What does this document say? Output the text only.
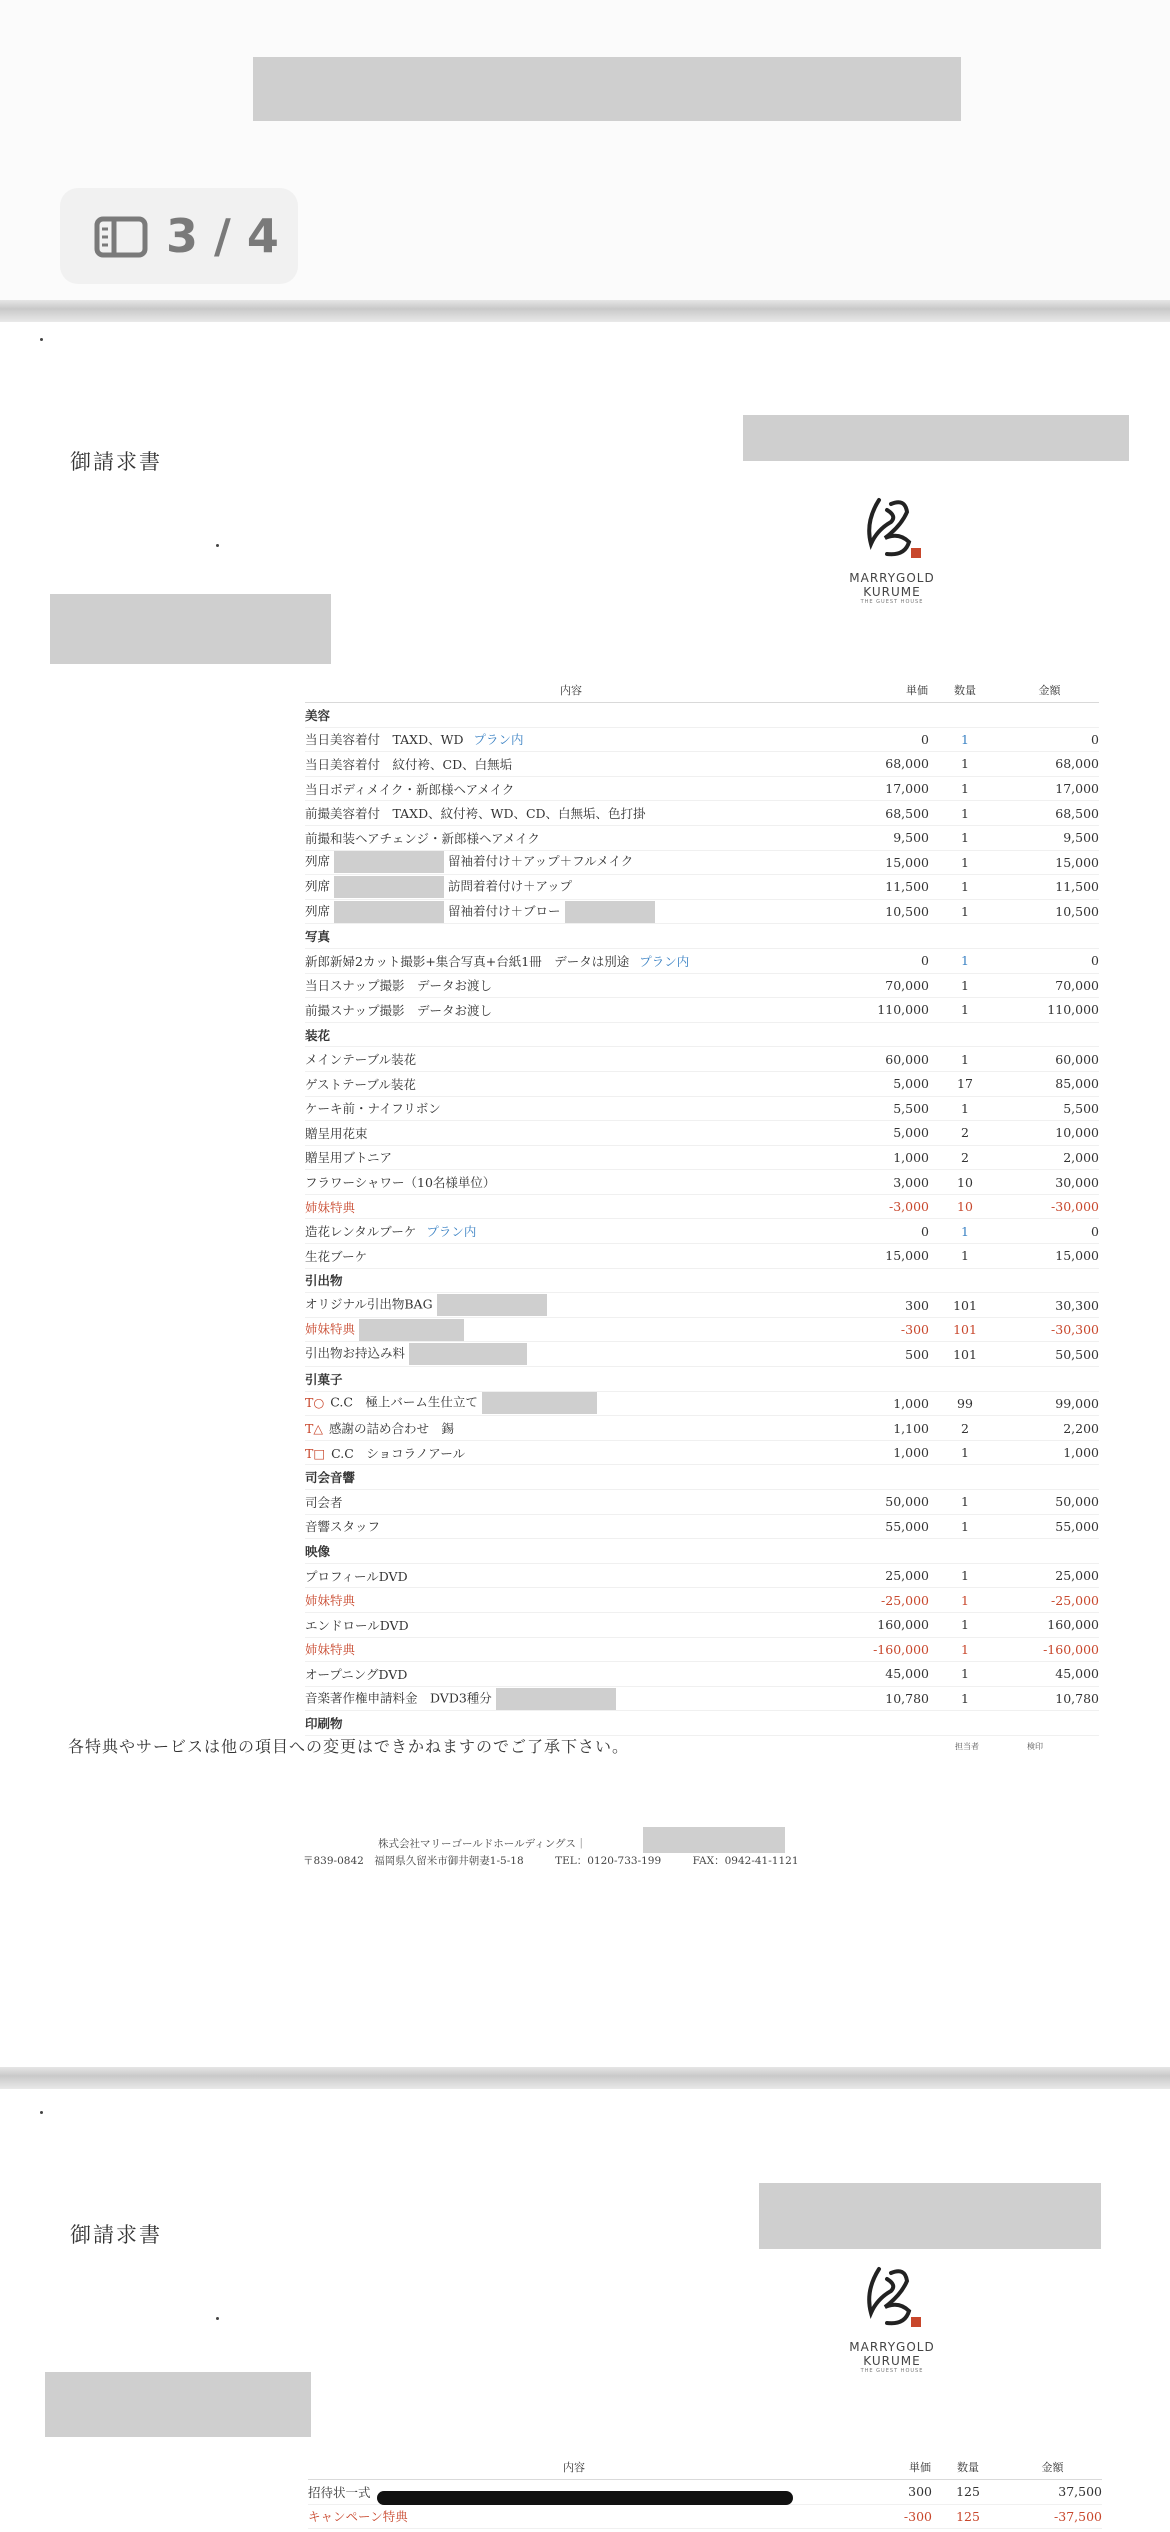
3 / 4
御請求書
MARRYGOLD
KURUME
THE GUEST HOUSE
内容	単価	数量	金額
美容			
当日美容着付　TAXD、WD プラン内	0	1	0
当日美容着付　紋付袴、CD、白無垢	68,000	1	68,000
当日ボディメイク・新郎様ヘアメイク	17,000	1	17,000
前撮美容着付　TAXD、紋付袴、WD、CD、白無垢、色打掛	68,500	1	68,500
前撮和装ヘアチェンジ・新郎様ヘアメイク	9,500	1	9,500
列席 留袖着付け＋アップ＋フルメイク	15,000	1	15,000
列席 訪問着着付け＋アップ	11,500	1	11,500
列席 留袖着付け＋ブロー	10,500	1	10,500
写真			
新郎新婦2カット撮影+集合写真+台紙1冊　データは別途 プラン内	0	1	0
当日スナップ撮影　データお渡し	70,000	1	70,000
前撮スナップ撮影　データお渡し	110,000	1	110,000
装花			
メインテーブル装花	60,000	1	60,000
ゲストテーブル装花	5,000	17	85,000
ケーキ前・ナイフリボン	5,500	1	5,500
贈呈用花束	5,000	2	10,000
贈呈用ブトニア	1,000	2	2,000
フラワーシャワー（10名様単位）	3,000	10	30,000
姉妹特典	-3,000	10	-30,000
造花レンタルブーケ プラン内	0	1	0
生花ブーケ	15,000	1	15,000
引出物			
オリジナル引出物BAG	300	101	30,300
姉妹特典	-300	101	-30,300
引出物お持込み料	500	101	50,500
引菓子			
T○ C.C　極上バーム生仕立て	1,000	99	99,000
T△ 感謝の詰め合わせ　錫	1,100	2	2,200
T□ C.C　ショコラノアール	1,000	1	1,000
司会音響			
司会者	50,000	1	50,000
音響スタッフ	55,000	1	55,000
映像			
プロフィールDVD	25,000	1	25,000
姉妹特典	-25,000	1	-25,000
エンドロールDVD	160,000	1	160,000
姉妹特典	-160,000	1	-160,000
オープニングDVD	45,000	1	45,000
音楽著作権申請料金　DVD3種分	10,780	1	10,780
印刷物			
各特典やサービスは他の項目への変更はできかねますのでご了承下さい。	担当者	検印
株式会社マリーゴールドホールディングス｜
〒839-0842　福岡県久留米市御井朝妻1-5-18　　　TEL：0120-733-199　　　FAX：0942-41-1121
御請求書
MARRYGOLD
KURUME
THE GUEST HOUSE
内容	単価	数量	金額
招待状一式	300	125	37,500
キャンペーン特典	-300	125	-37,500
